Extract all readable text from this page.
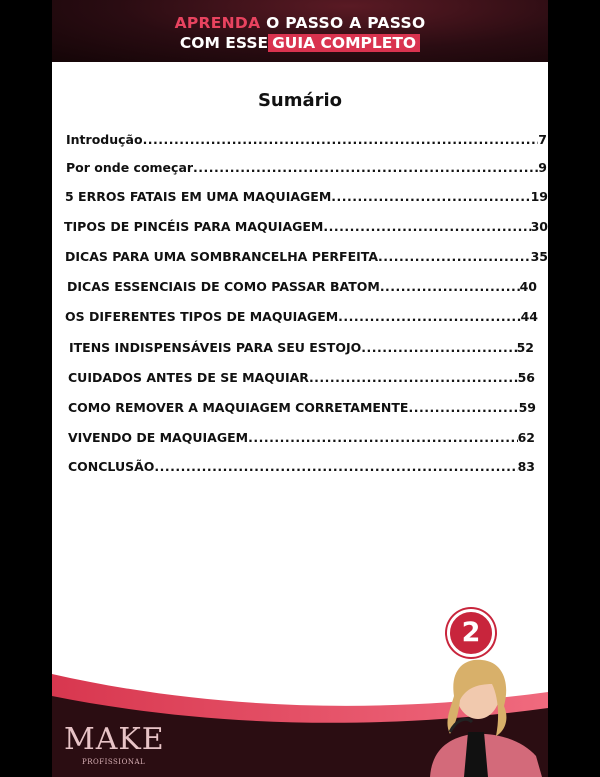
APRENDA O PASSO A PASSO
COM ESSE GUIA COMPLETO
Sumário
Introdução .....	7
Por onde começar .....	9
5 ERROS FATAIS EM UMA MAQUIAGEM .....	19
TIPOS DE PINCÉIS PARA MAQUIAGEM .....	30
DICAS PARA UMA SOMBRANCELHA PERFEITA .....	35
DICAS ESSENCIAIS DE COMO PASSAR BATOM .....	40
OS DIFERENTES TIPOS DE MAQUIAGEM .....	44
ITENS INDISPENSÁVEIS PARA SEU ESTOJO .....	52
CUIDADOS ANTES DE SE MAQUIAR .....	56
COMO REMOVER A MAQUIAGEM CORRETAMENTE .....	59
VIVENDO DE MAQUIAGEM .....	62
CONCLUSÃO .....	83
2
MAKE
PROFISSIONAL
